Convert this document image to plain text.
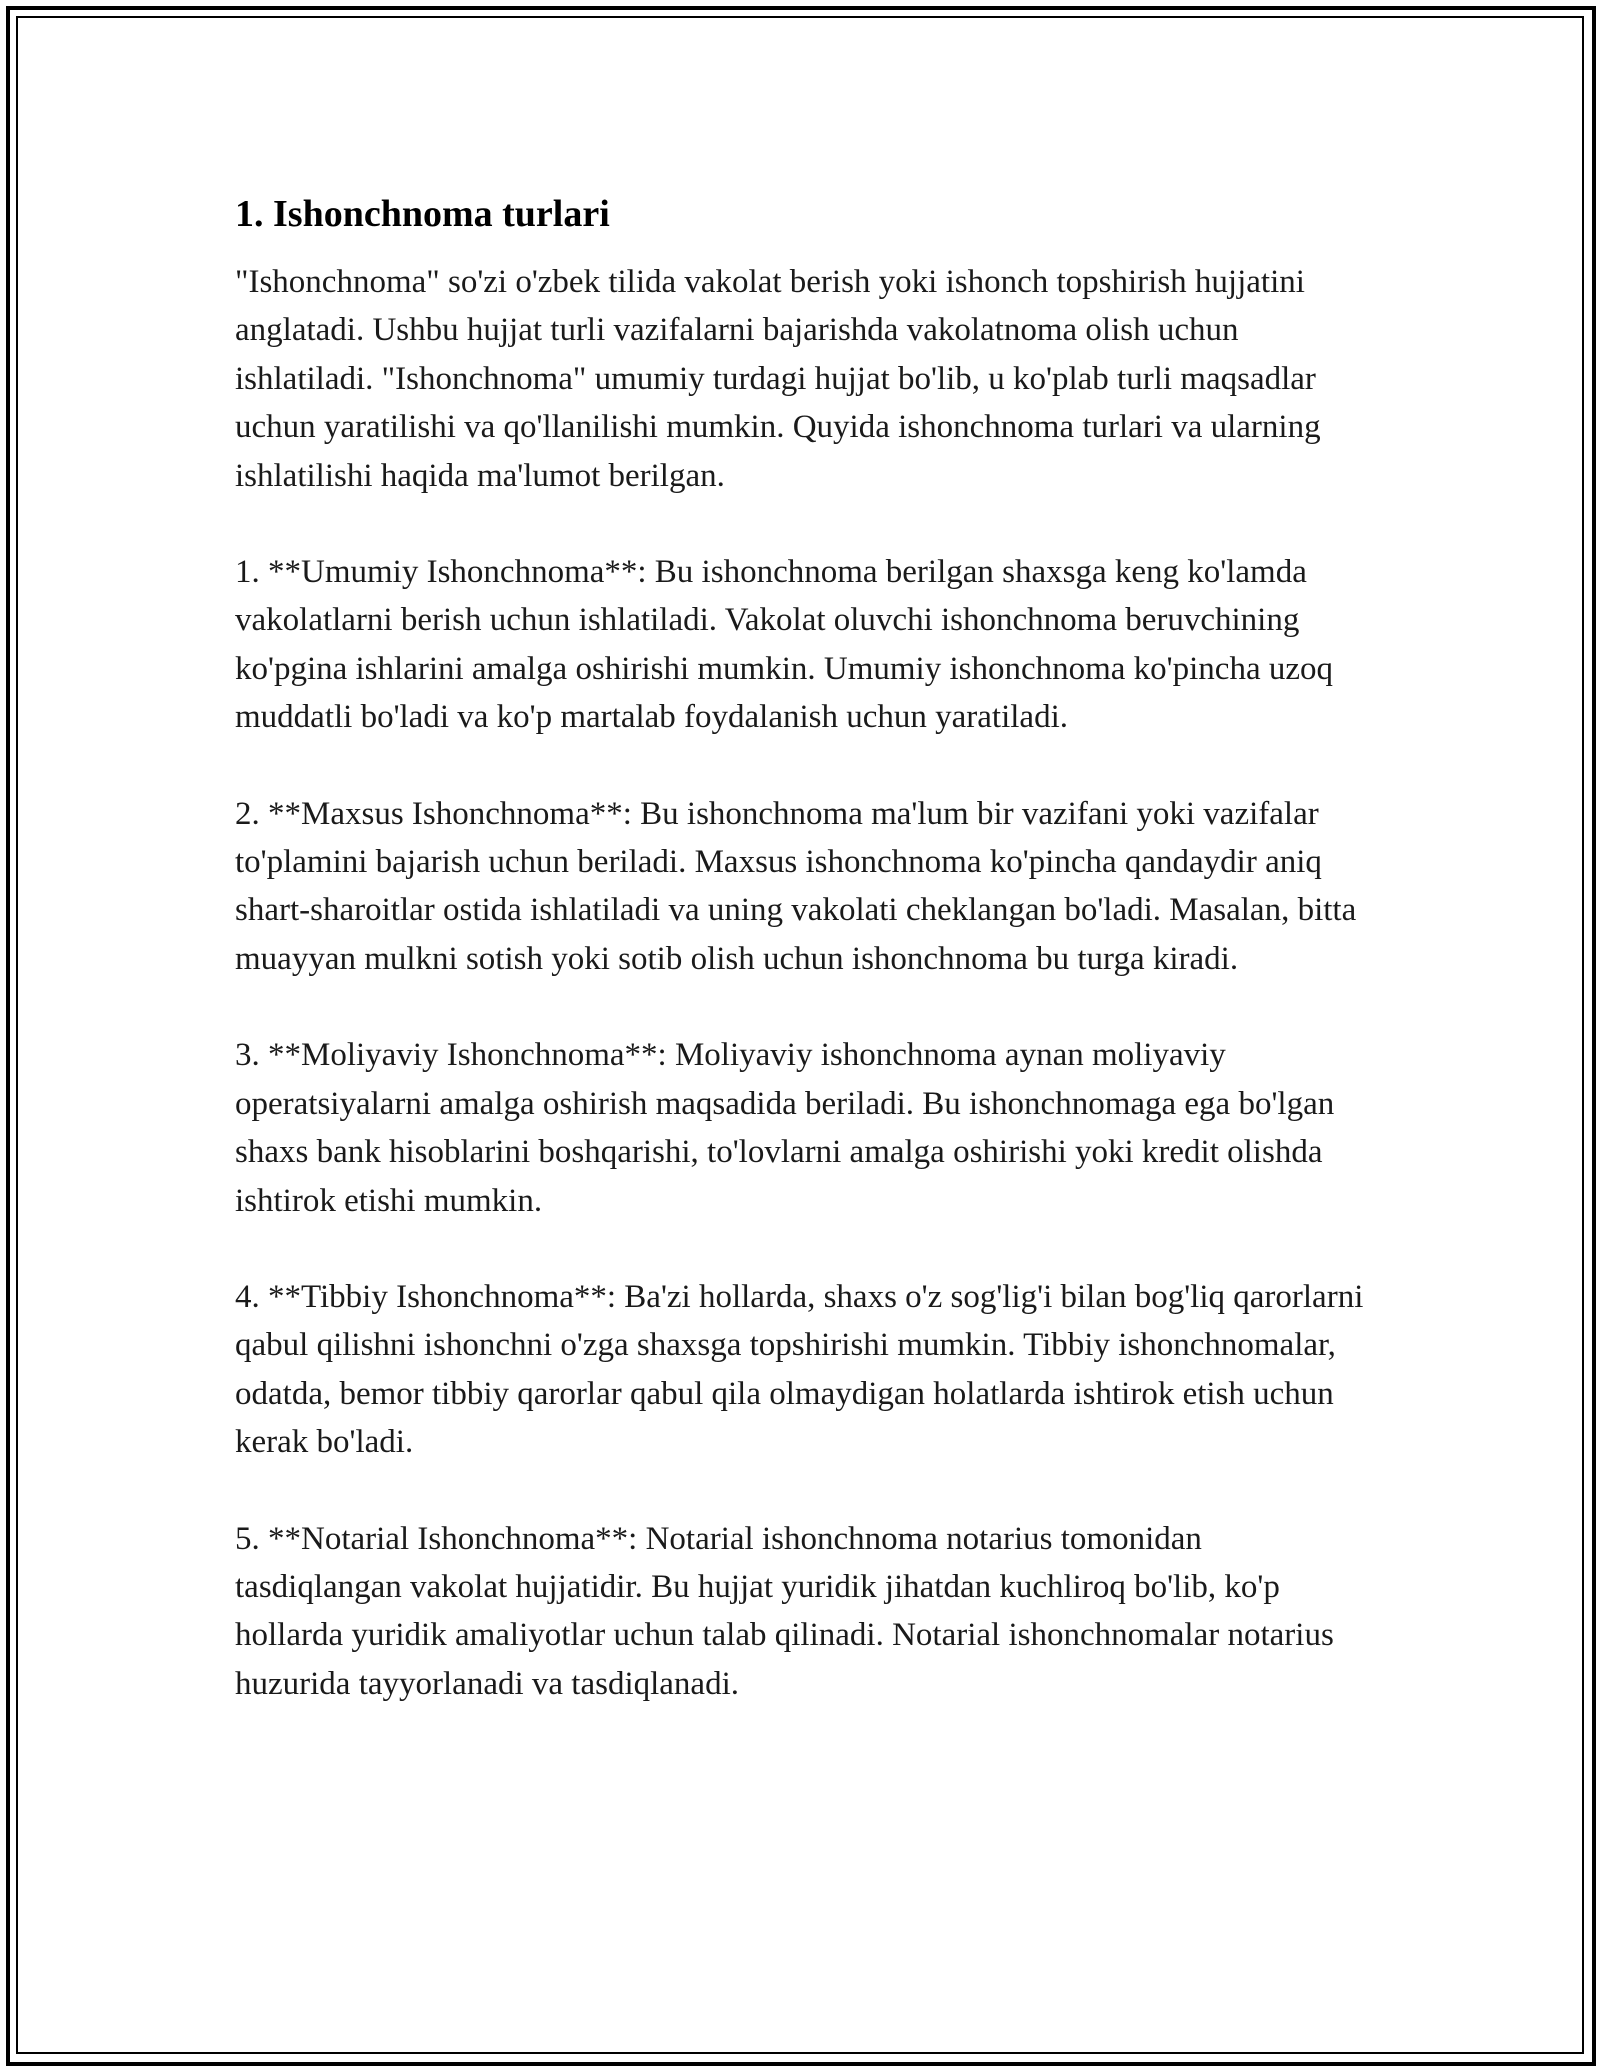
1. Ishonchnoma turlari

"Ishonchnoma" so'zi o'zbek tilida vakolat berish yoki ishonch topshirish hujjatini anglatadi. Ushbu hujjat turli vazifalarni bajarishda vakolatnoma olish uchun ishlatiladi. "Ishonchnoma" umumiy turdagi hujjat bo'lib, u ko'plab turli maqsadlar uchun yaratilishi va qo'llanilishi mumkin. Quyida ishonchnoma turlari va ularning ishlatilishi haqida ma'lumot berilgan.

1. **Umumiy Ishonchnoma**: Bu ishonchnoma berilgan shaxsga keng ko'lamda vakolatlarni berish uchun ishlatiladi. Vakolat oluvchi ishonchnoma beruvchining ko'pgina ishlarini amalga oshirishi mumkin. Umumiy ishonchnoma ko'pincha uzoq muddatli bo'ladi va ko'p martalab foydalanish uchun yaratiladi.

2. **Maxsus Ishonchnoma**: Bu ishonchnoma ma'lum bir vazifani yoki vazifalar to'plamini bajarish uchun beriladi. Maxsus ishonchnoma ko'pincha qandaydir aniq shart-sharoitlar ostida ishlatiladi va uning vakolati cheklangan bo'ladi. Masalan, bitta muayyan mulkni sotish yoki sotib olish uchun ishonchnoma bu turga kiradi.

3. **Moliyaviy Ishonchnoma**: Moliyaviy ishonchnoma aynan moliyaviy operatsiyalarni amalga oshirish maqsadida beriladi. Bu ishonchnomaga ega bo'lgan shaxs bank hisoblarini boshqarishi, to'lovlarni amalga oshirishi yoki kredit olishda ishtirok etishi mumkin.

4. **Tibbiy Ishonchnoma**: Ba'zi hollarda, shaxs o'z sog'lig'i bilan bog'liq qarorlarni qabul qilishni ishonchni o'zga shaxsga topshirishi mumkin. Tibbiy ishonchnomalar, odatda, bemor tibbiy qarorlar qabul qila olmaydigan holatlarda ishtirok etish uchun kerak bo'ladi.

5. **Notarial Ishonchnoma**: Notarial ishonchnoma notarius tomonidan tasdiqlangan vakolat hujjatidir. Bu hujjat yuridik jihatdan kuchliroq bo'lib, ko'p hollarda yuridik amaliyotlar uchun talab qilinadi. Notarial ishonchnomalar notarius huzurida tayyorlanadi va tasdiqlanadi.
